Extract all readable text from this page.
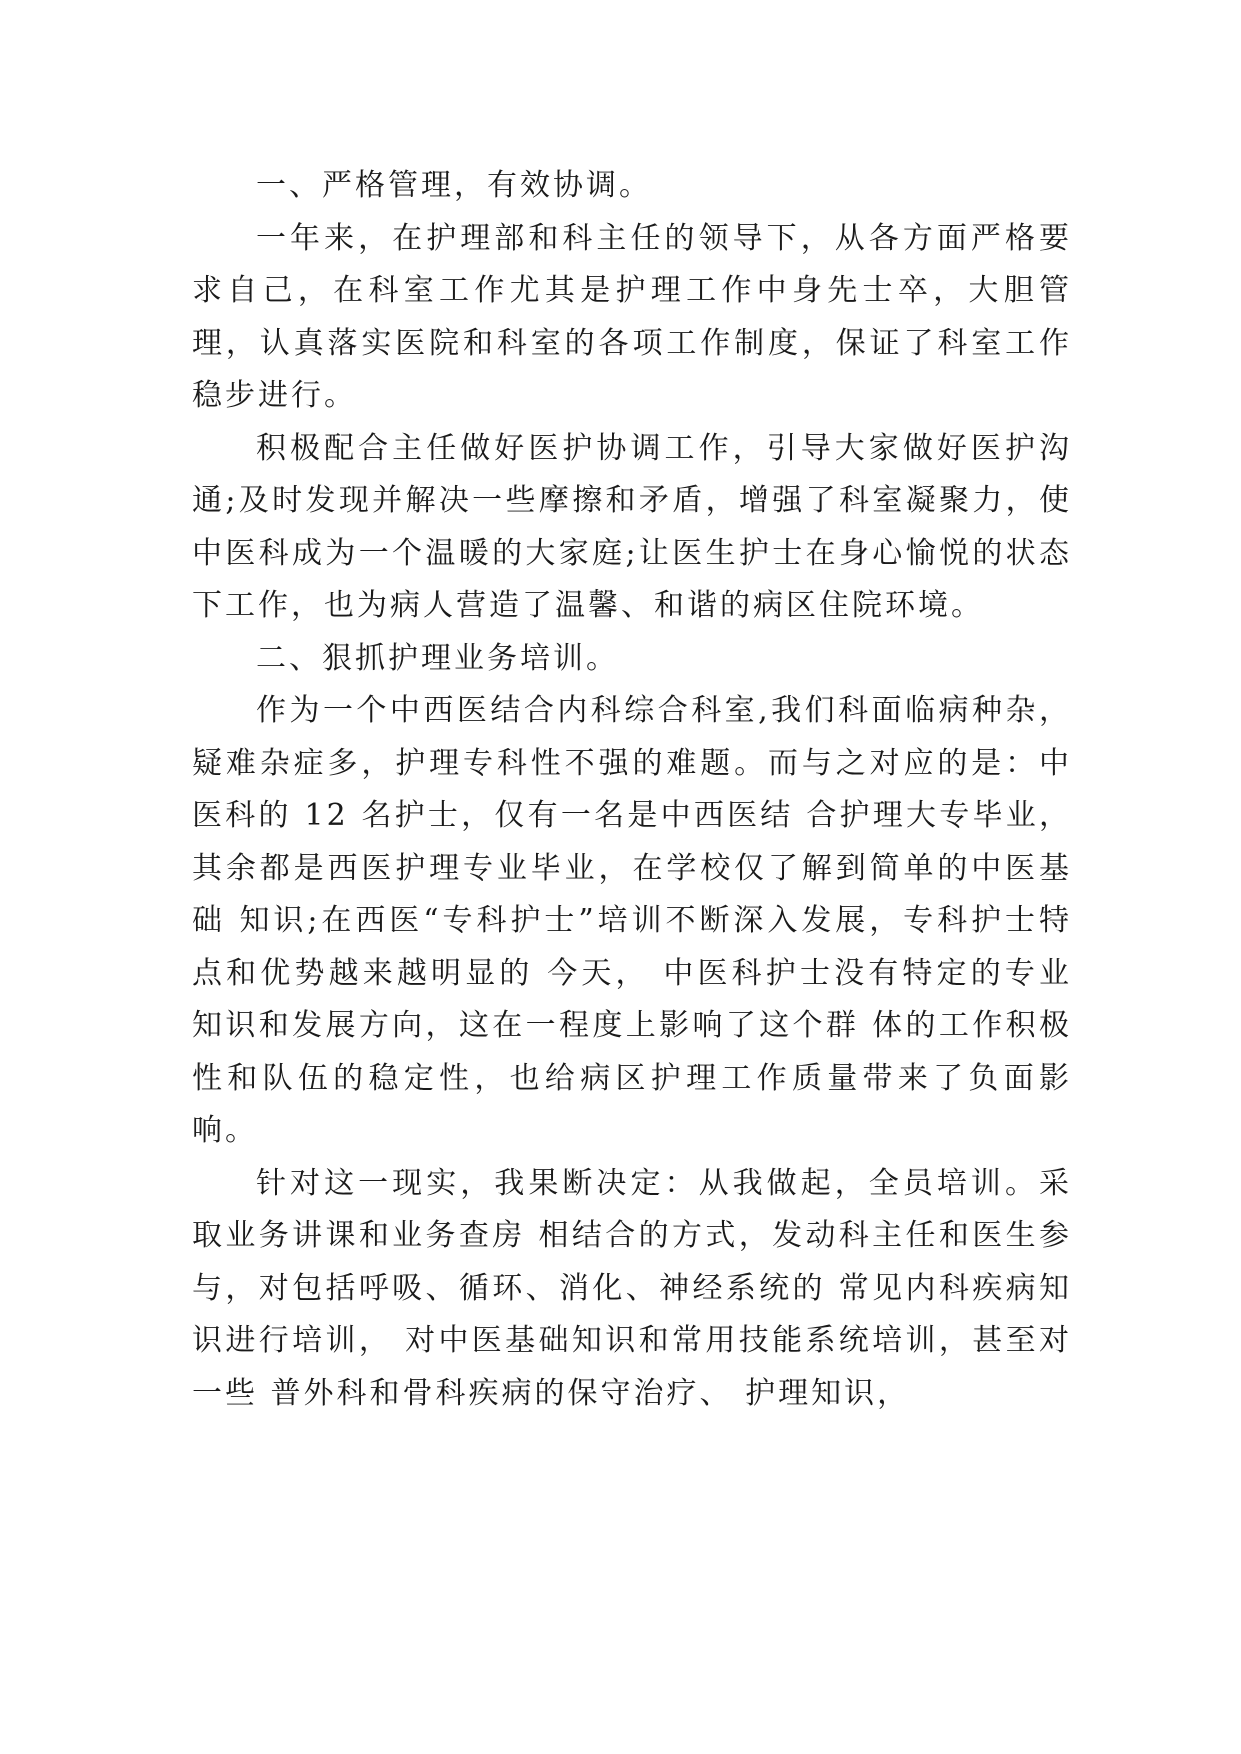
一、严格管理，有效协调。

一年来，在护理部和科主任的领导下，从各方面严格要求自己，在科室工作尤其是护理工作中身先士卒，大胆管理，认真落实医院和科室的各项工作制度，保证了科室工作稳步进行。

积极配合主任做好医护协调工作，引导大家做好医护沟通;及时发现并解决一些摩擦和矛盾，增强了科室凝聚力，使中医科成为一个温暖的大家庭;让医生护士在身心愉悦的状态下工作，也为病人营造了温馨、和谐的病区住院环境。

二、狠抓护理业务培训。

作为一个中西医结合内科综合科室,我们科面临病种杂，疑难杂症多，护理专科性不强的难题。而与之对应的是：中医科的 12 名护士，仅有一名是中西医结 合护理大专毕业，其余都是西医护理专业毕业，在学校仅了解到简单的中医基础 知识;在西医“专科护士”培训不断深入发展，专科护士特点和优势越来越明显的 今天， 中医科护士没有特定的专业知识和发展方向，这在一程度上影响了这个群 体的工作积极性和队伍的稳定性，也给病区护理工作质量带来了负面影响。

针对这一现实，我果断决定：从我做起，全员培训。采取业务讲课和业务查房 相结合的方式，发动科主任和医生参与，对包括呼吸、循环、消化、神经系统的 常见内科疾病知识进行培训， 对中医基础知识和常用技能系统培训，甚至对一些 普外科和骨科疾病的保守治疗、 护理知识，
